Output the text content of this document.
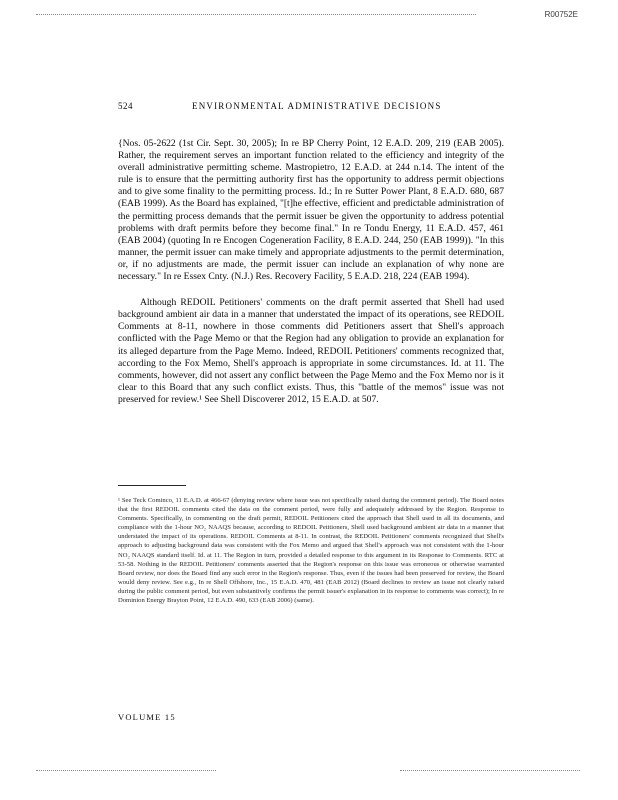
R00752E
524	ENVIRONMENTAL ADMINISTRATIVE DECISIONS

{Nos. 05-2622 (1st Cir. Sept. 30, 2005); In re BP Cherry Point, 12 E.A.D. 209, 219 (EAB 2005). Rather, the requirement serves an important function related to the efficiency and integrity of the overall administrative permitting scheme. Mastropietro, 12 E.A.D. at 244 n.14. The intent of the rule is to ensure that the permitting authority first has the opportunity to address permit objections and to give some finality to the permitting process. Id.; In re Sutter Power Plant, 8 E.A.D. 680, 687 (EAB 1999). As the Board has explained, "[t]he effective, efficient and predictable administration of the permitting process demands that the permit issuer be given the opportunity to address potential problems with draft permits before they become final." In re Tondu Energy, 11 E.A.D. 457, 461 (EAB 2004) (quoting In re Encogen Cogeneration Facility, 8 E.A.D. 244, 250 (EAB 1999)). "In this manner, the permit issuer can make timely and appropriate adjustments to the permit determination, or, if no adjustments are made, the permit issuer can include an explanation of why none are necessary." In re Essex Cnty. (N.J.) Res. Recovery Facility, 5 E.A.D. 218, 224 (EAB 1994).

Although REDOIL Petitioners' comments on the draft permit asserted that Shell had used background ambient air data in a manner that understated the impact of its operations, see REDOIL Comments at 8-11, nowhere in those comments did Petitioners assert that Shell's approach conflicted with the Page Memo or that the Region had any obligation to provide an explanation for its alleged departure from the Page Memo. Indeed, REDOIL Petitioners' comments recognized that, according to the Fox Memo, Shell's approach is appropriate in some circumstances. Id. at 11. The comments, however, did not assert any conflict between the Page Memo and the Fox Memo nor is it clear to this Board that any such conflict exists. Thus, this "battle of the memos" issue was not preserved for review.¹ See Shell Discoverer 2012, 15 E.A.D. at 507.

¹ See Teck Cominco, 11 E.A.D. at 466-67 (denying review where issue was not specifically raised during the comment period). The Board notes that the first REDOIL comments cited the data on the comment period, were fully and adequately addressed by the Region. Response to Comments. Specifically, in commenting on the draft permit, REDOIL Petitioners cited the approach that Shell used in all its documents, and compliance with the 1-hour NO₂ NAAQS because, according to REDOIL Petitioners, Shell used background ambient air data in a manner that understated the impact of its operations. REDOIL Comments at 8-11. In contrast, the REDOIL Petitioners' comments recognized that Shell's approach to adjusting background data was consistent with the Fox Memo and argued that Shell's approach was not consistent with the 1-hour NO₂ NAAQS standard itself. Id. at 11. The Region in turn, provided a detailed response to this argument in its Response to Comments. RTC at 53-58. Nothing in the REDOIL Petitioners' comments asserted that the Region's response on this issue was erroneous or otherwise warranted Board review, nor does the Board find any such error in the Region's response. Thus, even if the issues had been preserved for review, the Board would deny review. See e.g., In re Shell Offshore, Inc., 15 E.A.D. 470, 481 (EAB 2012) (Board declines to review an issue not clearly raised during the public comment period, but even substantively confirms the permit issuer's explanation in its response to comments was correct); In re Dominion Energy Brayton Point, 12 E.A.D. 490, 633 (EAB 2006) (same).
VOLUME 15
